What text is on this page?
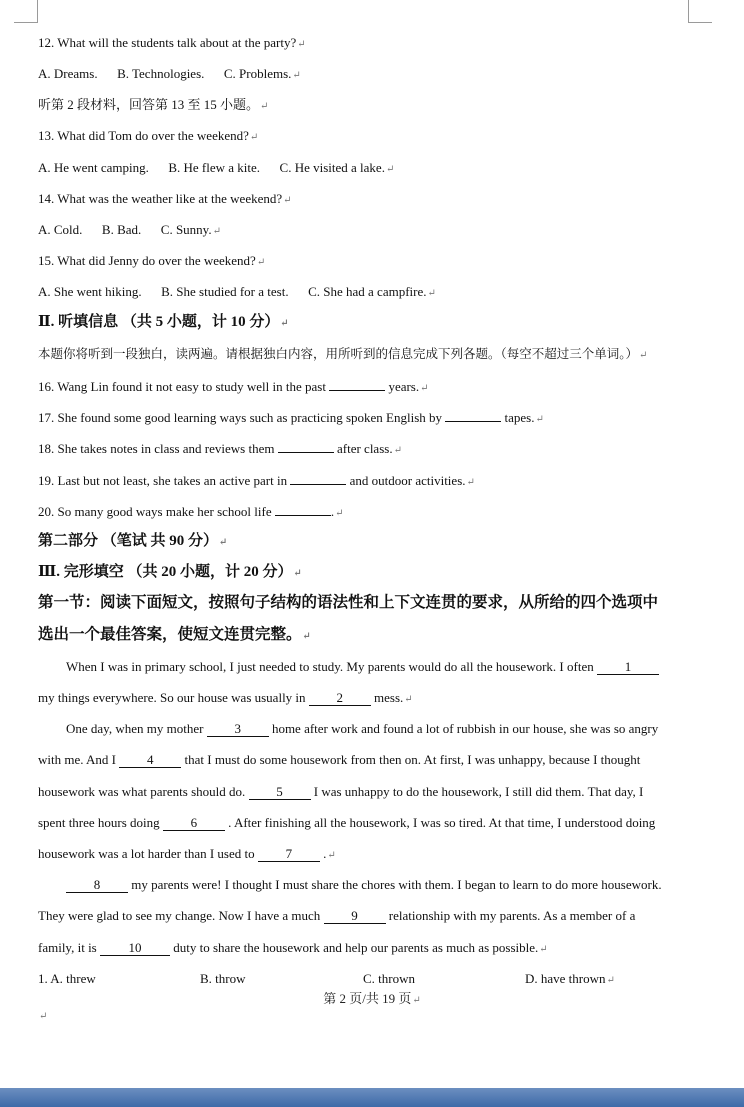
12. What will the students talk about at the party?↵
A. Dreams.      B. Technologies.      C. Problems.↵
听第 2 段材料，回答第 13 至 15 小题。↵
13. What did Tom do over the weekend?↵
A. He went camping.      B. He flew a kite.      C. He visited a lake.↵
14. What was the weather like at the weekend?↵
A. Cold.      B. Bad.      C. Sunny.↵
15. What did Jenny do over the weekend?↵
A. She went hiking.      B. She studied for a test.      C. She had a campfire.↵
Ⅱ. 听填信息 （共 5 小题，计 10 分）↵
本题你将听到一段独白，读两遍。请根据独白内容，用所听到的信息完成下列各题。（每空不超过三个单词。）↵
16. Wang Lin found it not easy to study well in the past	years.↵
17. She found some good learning ways such as practicing spoken English by	tapes.↵
18. She takes notes in class and reviews them	after class.↵
19. Last but not least, she takes an active part in	and outdoor activities.↵
20. So many good ways make her school life	.↵
第二部分 （笔试 共 90 分）↵
Ⅲ. 完形填空 （共 20 小题，计 20 分）↵
第一节：阅读下面短文，按照句子结构的语法性和上下文连贯的要求，从所给的四个选项中
选出一个最佳答案，使短文连贯完整。↵
When I was in primary school, I just needed to study. My parents would do all the housework. I often 1
my things everywhere. So our house was usually in 2 mess.↵
One day, when my mother 3 home after work and found a lot of rubbish in our house, she was so angry
with me. And I 4 that I must do some housework from then on. At first, I was unhappy, because I thought
housework was what parents should do. 5 I was unhappy to do the housework, I still did them. That day, I
spent three hours doing 6 . After finishing all the housework, I was so tired. At that time, I understood doing
housework was a lot harder than I used to 7 .↵
8 my parents were! I thought I must share the chores with them. I began to learn to do more housework.
They were glad to see my change. Now I have a much 9 relationship with my parents. As a member of a
family, it is 10 duty to share the housework and help our parents as much as possible.↵
1. A. threw	B. throw	C. thrown	D. have thrown↵
第 2 页/共 19 页↵
↵
